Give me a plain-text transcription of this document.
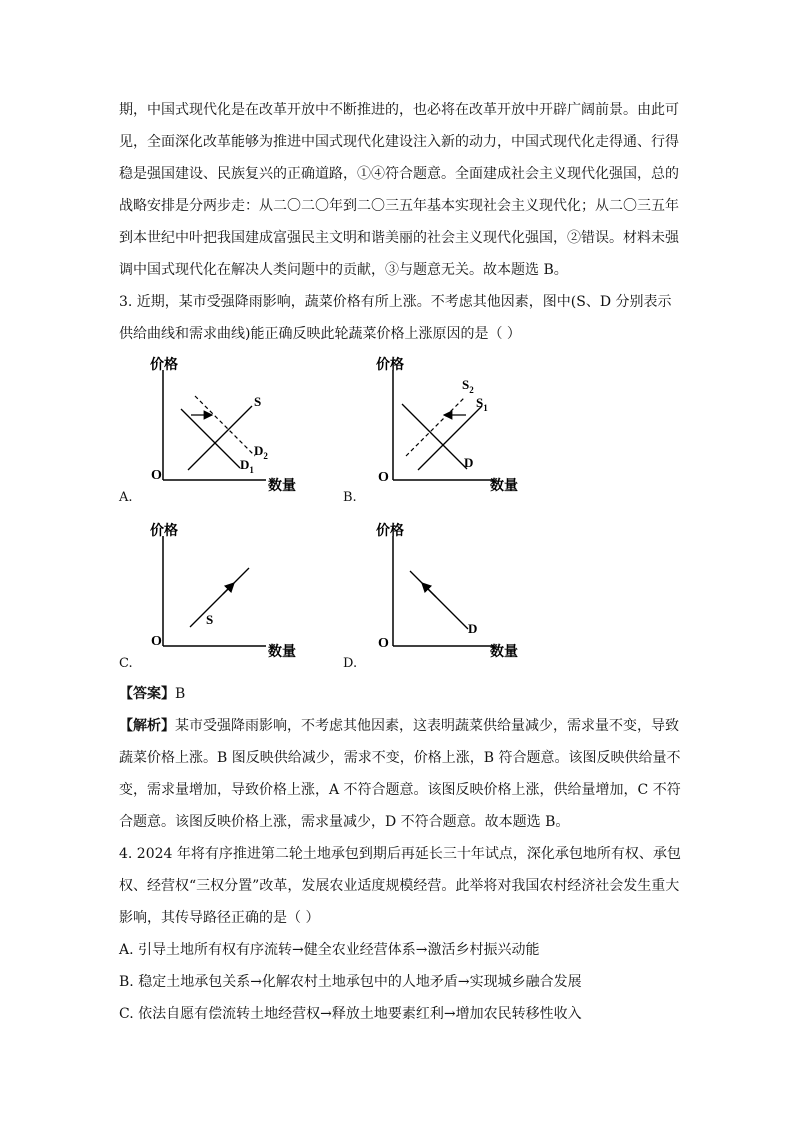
期，中国式现代化是在改革开放中不断推进的，也必将在改革开放中开辟广阔前景。由此可
见，全面深化改革能够为推进中国式现代化建设注入新的动力，中国式现代化走得通、行得
稳是强国建设、民族复兴的正确道路，①④符合题意。全面建成社会主义现代化强国，总的
战略安排是分两步走：从二〇二〇年到二〇三五年基本实现社会主义现代化；从二〇三五年
到本世纪中叶把我国建成富强民主文明和谐美丽的社会主义现代化强国，②错误。材料未强
调中国式现代化在解决人类问题中的贡献，③与题意无关。故本题选 B。
3. 近期，某市受强降雨影响，蔬菜价格有所上涨。不考虑其他因素，图中(S、D 分别表示
供给曲线和需求曲线)能正确反映此轮蔬菜价格上涨原因的是（ ）
价格
数量
O
S
$D_2$
$D_1$
A.
价格
数量
O
$S_2$
$S_1$
D
B.
价格
数量
O
S
C.
价格
数量
O
D
D.
【答案】B
【解析】某市受强降雨影响，不考虑其他因素，这表明蔬菜供给量减少，需求量不变，导致
蔬菜价格上涨。B 图反映供给减少，需求不变，价格上涨，B 符合题意。该图反映供给量不
变，需求量增加，导致价格上涨，A 不符合题意。该图反映价格上涨，供给量增加，C 不符
合题意。该图反映价格上涨，需求量减少，D 不符合题意。故本题选 B。
4. 2024 年将有序推进第二轮土地承包到期后再延长三十年试点，深化承包地所有权、承包
权、经营权“三权分置”改革，发展农业适度规模经营。此举将对我国农村经济社会发生重大
影响，其传导路径正确的是（ ）
A. 引导土地所有权有序流转→健全农业经营体系→激活乡村振兴动能
B. 稳定土地承包关系→化解农村土地承包中的人地矛盾→实现城乡融合发展
C. 依法自愿有偿流转土地经营权→释放土地要素红利→增加农民转移性收入
